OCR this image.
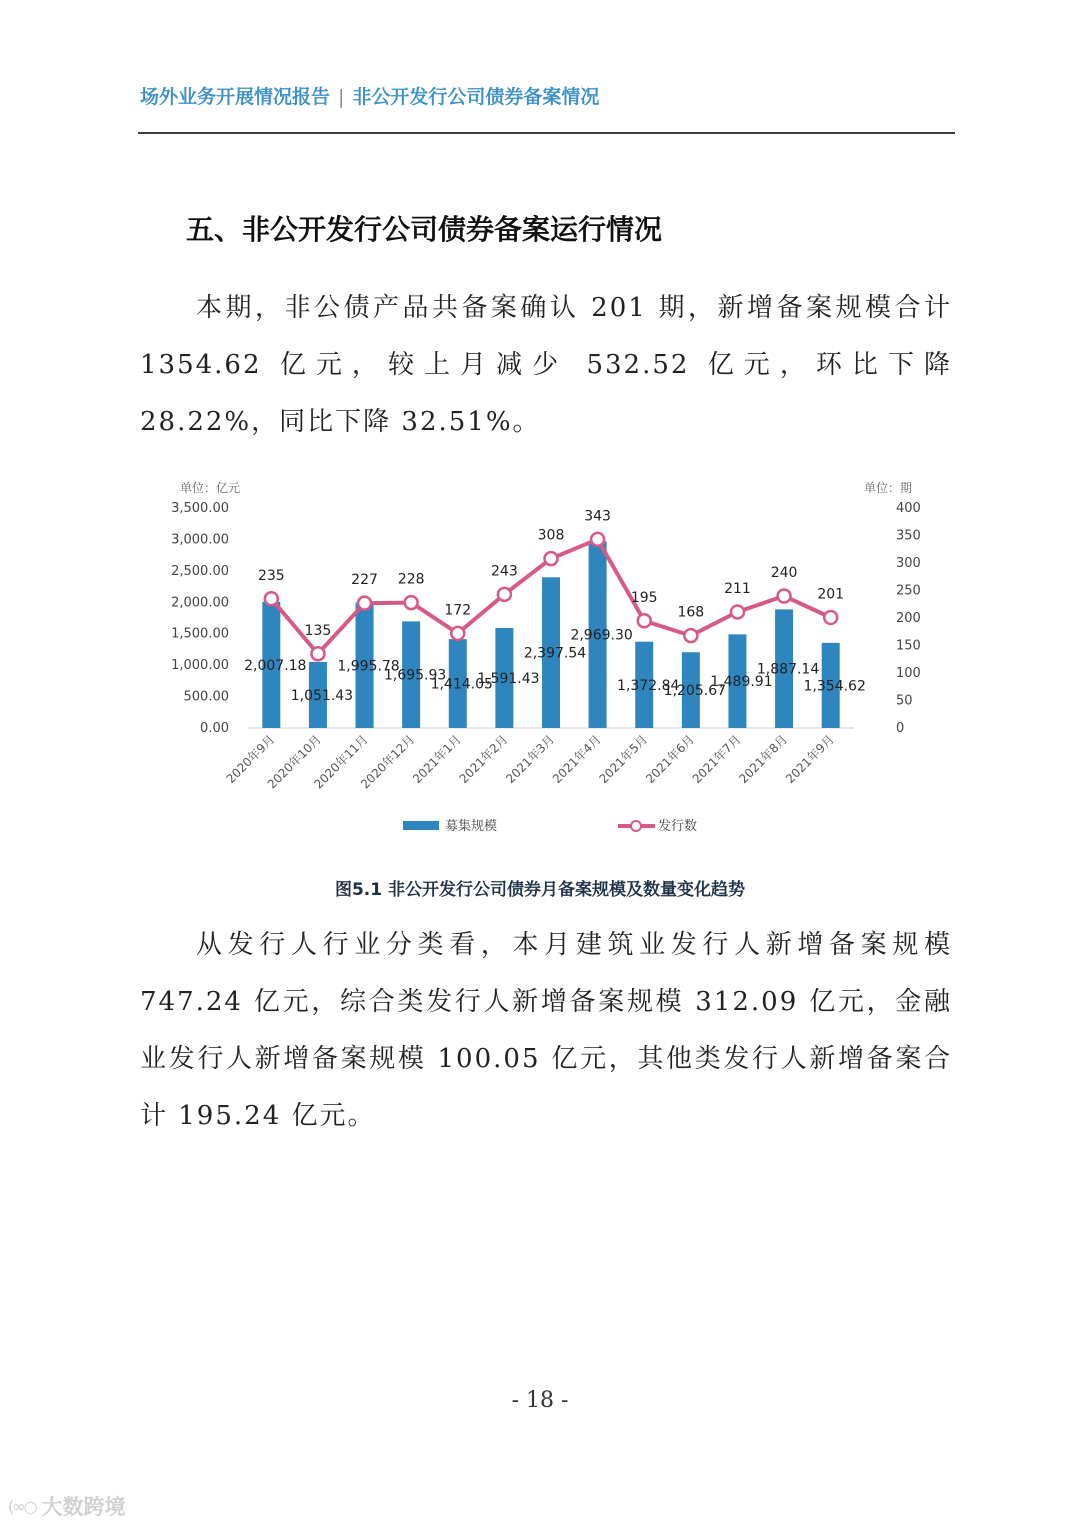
场外业务开展情况报告 | 非公开发行公司债券备案情况
五、非公开发行公司债券备案运行情况

本期，非公债产品共备案确认 201 期，新增备案规模合计 1354.62 亿元，较上月减少 532.52 亿元，环比下降 28.22%，同比下降 32.51%。

单位：亿元	单位：期
0.00
500.00
1,000.00
1,500.00
2,000.00
2,500.00
3,000.00
3,500.00
0
50
100
150
200
250
300
350
400
235
135
227 228
172
243
308
343
195
168
211
240
201
2,007.18
1,051.43
1,995.78
1,695.93
1,414.05
1,591.43
2,397.54
2,969.30
1,372.84
1,205.67
1,489.91
1,887.14
1,354.62
2020年9月
2020年10月
2020年11月
2020年12月
2021年1月
2021年2月
2021年3月
2021年4月
2021年5月
2021年6月
2021年7月
2021年8月
2021年9月
募集规模	发行数
图5.1 非公开发行公司债券月备案规模及数量变化趋势

从发行人行业分类看，本月建筑业发行人新增备案规模 747.24 亿元，综合类发行人新增备案规模 312.09 亿元，金融业发行人新增备案规模 100.05 亿元，其他类发行人新增备案合计 195.24 亿元。

- 18 -
(∞○ 大数跨境
